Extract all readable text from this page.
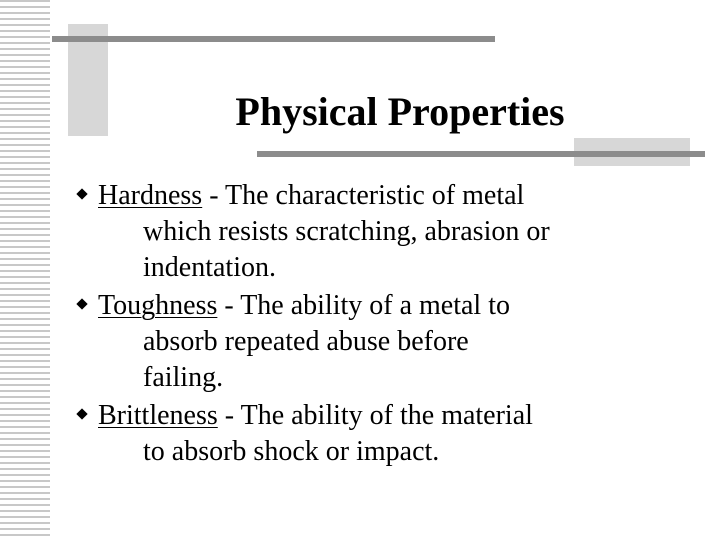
Physical Properties
Hardness - The characteristic of metal
which resists scratching, abrasion or
indentation.
Toughness - The ability of a metal to
absorb repeated abuse before
failing.
Brittleness - The ability of the material
to absorb shock or impact.
